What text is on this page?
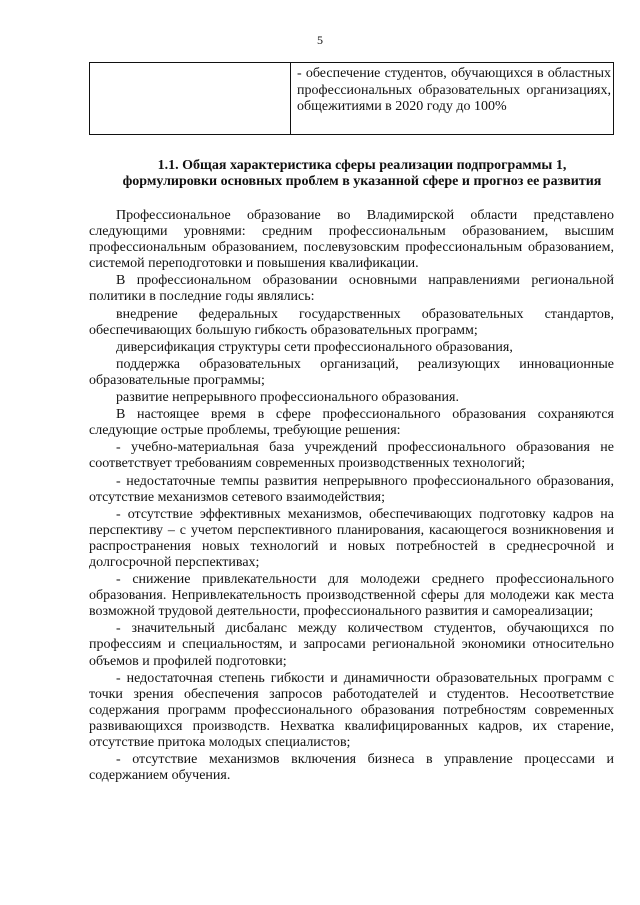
5
- обеспечение студентов, обучающихся в областных профессиональных образовательных организациях, общежитиями в 2020 году до 100%
1.1. Общая характеристика сферы реализации подпрограммы 1, формулировки основных проблем в указанной сфере и прогноз ее развития

Профессиональное образование во Владимирской области представлено следующими уровнями: средним профессиональным образованием, высшим профессиональным образованием, послевузовским профессиональным образованием, системой переподготовки и повышения квалификации.

В профессиональном образовании основными направлениями региональной политики в последние годы являлись:

внедрение федеральных государственных образовательных стандартов, обеспечивающих большую гибкость образовательных программ;

диверсификация структуры сети профессионального образования,

поддержка образовательных организаций, реализующих инновационные образовательные программы;

развитие непрерывного профессионального образования.

В настоящее время в сфере профессионального образования сохраняются следующие острые проблемы, требующие решения:

- учебно-материальная база учреждений профессионального образования не соответствует требованиям современных производственных технологий;

- недостаточные темпы развития непрерывного профессионального образования, отсутствие механизмов сетевого взаимодействия;

- отсутствие эффективных механизмов, обеспечивающих подготовку кадров на перспективу – с учетом перспективного планирования, касающегося возникновения и распространения новых технологий и новых потребностей в среднесрочной и долгосрочной перспективах;

- снижение привлекательности для молодежи среднего профессионального образования. Непривлекательность производственной сферы для молодежи как места возможной трудовой деятельности, профессионального развития и самореализации;

- значительный дисбаланс между количеством студентов, обучающихся по профессиям и специальностям, и запросами региональной экономики относительно объемов и профилей подготовки;

- недостаточная степень гибкости и динамичности образовательных программ с точки зрения обеспечения запросов работодателей и студентов. Несоответствие содержания программ профессионального образования потребностям современных развивающихся производств. Нехватка квалифицированных кадров, их старение, отсутствие притока молодых специалистов;

- отсутствие механизмов включения бизнеса в управление процессами и содержанием обучения.
